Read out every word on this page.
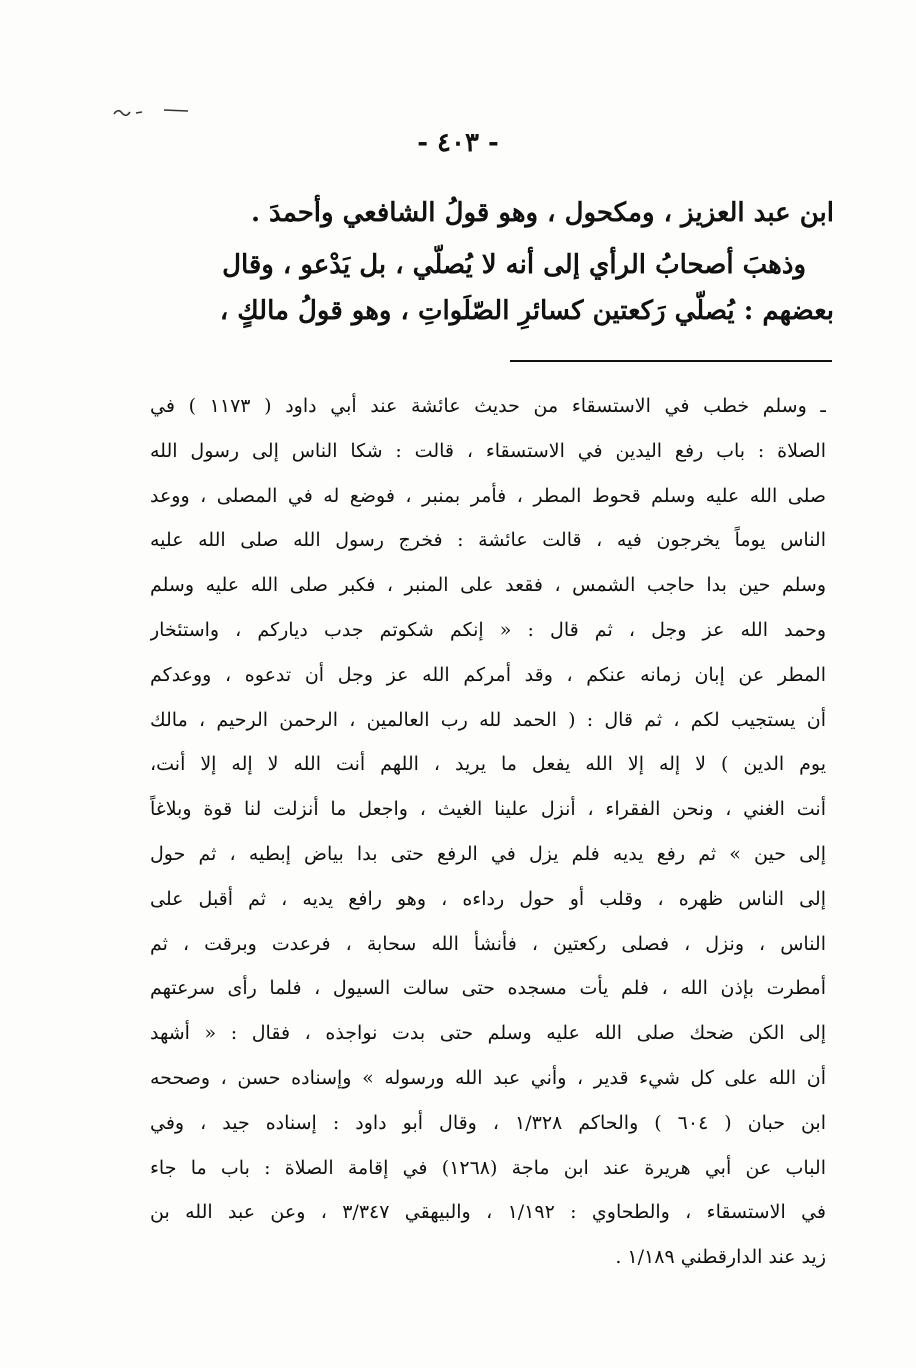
- ٤٠٣ -

ابن عبد العزيز ، ومكحول ، وهو قولُ الشافعي وأحمدَ .

وذهبَ أصحابُ الرأي إلى أنه لا يُصلّي ، بل يَدْعو ، وقال

بعضهم : يُصلّي رَكعتين كسائرِ الصّلَواتِ ، وهو قولُ مالكٍ ،

ـ وسلم خطب في الاستسقاء من حديث عائشة عند أبي داود ( ١١٧٣ ) في
الصلاة : باب رفع اليدين في الاستسقاء ، قالت : شكا الناس إلى رسول الله
صلى الله عليه وسلم قحوط المطر ، فأمر بمنبر ، فوضع له في المصلى ، ووعد
الناس يوماً يخرجون فيه ، قالت عائشة : فخرج رسول الله صلى الله عليه
وسلم حين بدا حاجب الشمس ، فقعد على المنبر ، فكبر صلى الله عليه وسلم
وحمد الله عز وجل ، ثم قال : « إنكم شكوتم جدب دياركم ، واستئخار
المطر عن إبان زمانه عنكم ، وقد أمركم الله عز وجل أن تدعوه ، ووعدكم
أن يستجيب لكم ، ثم قال : ( الحمد لله رب العالمين ، الرحمن الرحيم ، مالك
يوم الدين ) لا إله إلا الله يفعل ما يريد ، اللهم أنت الله لا إله إلا أنت،
أنت الغني ، ونحن الفقراء ، أنزل علينا الغيث ، واجعل ما أنزلت لنا قوة وبلاغاً
إلى حين » ثم رفع يديه فلم يزل في الرفع حتى بدا بياض إبطيه ، ثم حول
إلى الناس ظهره ، وقلب أو حول رداءه ، وهو رافع يديه ، ثم أقبل على
الناس ، ونزل ، فصلى ركعتين ، فأنشأ الله سحابة ، فرعدت وبرقت ، ثم
أمطرت بإذن الله ، فلم يأت مسجده حتى سالت السيول ، فلما رأى سرعتهم
إلى الكن ضحك صلى الله عليه وسلم حتى بدت نواجذه ، فقال : « أشهد
أن الله على كل شيء قدير ، وأني عبد الله ورسوله » وإسناده حسن ، وصححه
ابن حبان ( ٦٠٤ ) والحاكم ١/٣٢٨ ، وقال أبو داود : إسناده جيد ، وفي
الباب عن أبي هريرة عند ابن ماجة (١٢٦٨) في إقامة الصلاة : باب ما جاء
في الاستسقاء ، والطحاوي : ١/١٩٢ ، والبيهقي ٣/٣٤٧ ، وعن عبد الله بن
زيد عند الدارقطني ١/١٨٩ .
